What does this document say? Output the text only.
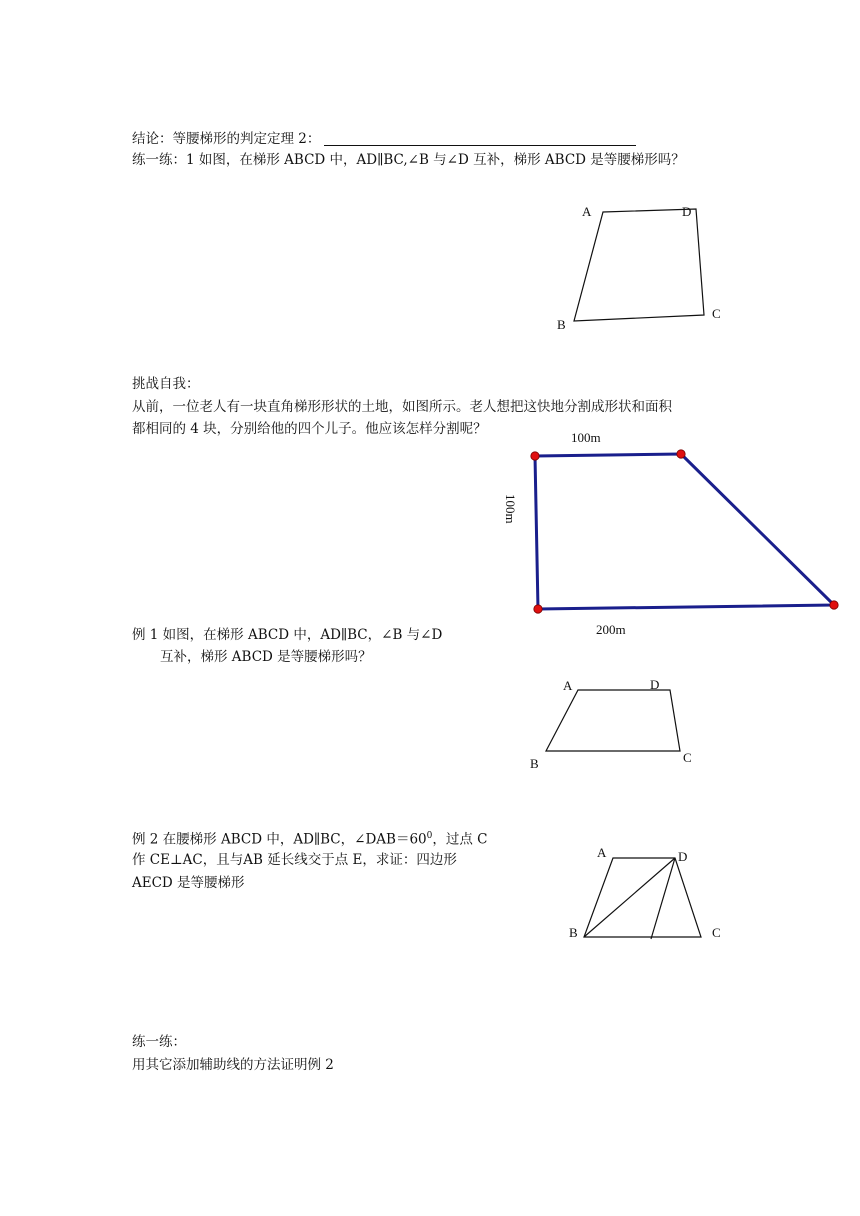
结论：等腰梯形的判定定理 2：
练一练：1 如图，在梯形 ABCD 中，AD∥BC,∠B 与∠D 互补，梯形 ABCD 是等腰梯形吗？
挑战自我：
从前，一位老人有一块直角梯形形状的土地，如图所示。老人想把这快地分割成形状和面积
都相同的 4 块，分别给他的四个儿子。他应该怎样分割呢？
例 1 如图，在梯形 ABCD 中，AD∥BC，∠B 与∠D
互补，梯形 ABCD 是等腰梯形吗？
例 2 在腰梯形 ABCD 中，AD∥BC，$\angle DAB=60^0$，过点 C
作 CE⊥AC，且与AB 延长线交于点 E，求证：四边形
AECD 是等腰梯形
练一练：
用其它添加辅助线的方法证明例 2
A	D
B
C
100m
100m
200m
A	D
B	C
A	D
B	C
